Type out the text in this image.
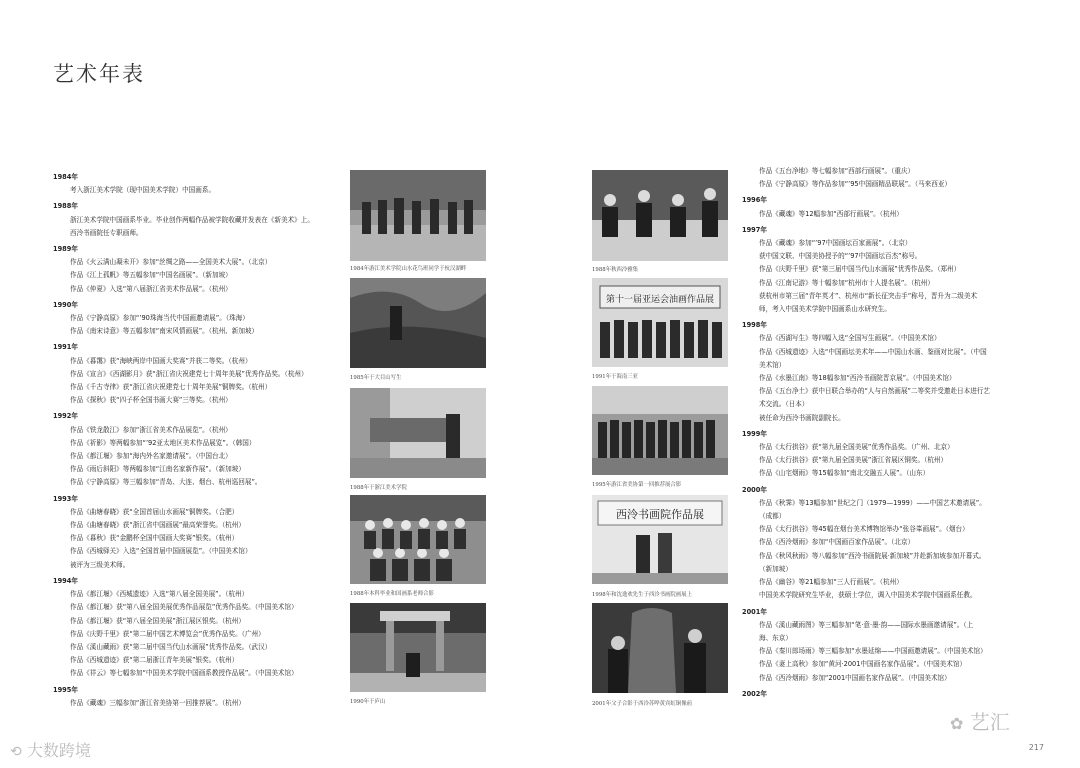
艺术年表
1984年
考入浙江美术学院（现中国美术学院）中国画系。
1988年
浙江美术学院中国画系毕业。毕业创作两幅作品被学院收藏并发表在《新美术》上。
西泠书画院任专职画师。
1989年
作品《火云满山凝未开》参加“丝绸之路——全国美术大展”。（北京）
作品《江上孤帆》等五幅参加“中国名画展”。（新加坡）
作品《仲夏》入选“第八届浙江省美术作品展”。（杭州）
1990年
作品《宁静高原》参加“’90珠海当代中国画邀请展”。（珠海）
作品《南宋诗意》等五幅参加“南宋风情画展”。（杭州、新加坡）
1991年
作品《暮霭》获“海峡两岸中国画大奖赛”并获二等奖。（杭州）
作品《宣言》《西湖影月》获“浙江省庆祝建党七十周年美展”优秀作品奖。（杭州）
作品《千古寺律》获“浙江省庆祝建党七十周年美展”铜牌奖。（杭州）
作品《探秋》获“四子杯全国书画大赛”三等奖。（杭州）
1992年
作品《铁龙散江》参加“浙江省美术作品展览”。（杭州）
作品《祈影》等两幅参加“’92亚太地区美术作品展览”。（韩国）
作品《都江堰》参加“海内外名家邀请展”。（中国台北）
作品《雨后斜阳》等两幅参加“江南名家新作展”。（新加坡）
作品《宁静高原》等三幅参加“青岛、大连、烟台、杭州巡回展”。
1993年
作品《曲塘春晓》获“全国首届山水画展”铜牌奖。（合肥）
作品《曲塘春晓》获“浙江省中国画展”最高荣誉奖。（杭州）
作品《暮秋》获“金鹏杯全国中国画大奖赛”银奖。（杭州）
作品《西城驿关》入选“全国首届中国画展览”。（中国美术馆）
被评为三级美术师。
1994年
作品《都江堰》《西城遗迹》入选“第八届全国美展”。（杭州）
作品《都江堰》获“第八届全国美展优秀作品展览”优秀作品奖。（中国美术馆）
作品《都江堰》获“第八届全国美展”浙江展区银奖。（杭州）
作品《庆野千里》获“第二届中国艺术博览会”优秀作品奖。（广州）
作品《溪山藏雨》获“第二届中国当代山水画展”优秀作品奖。（武汉）
作品《西城遗迹》获“第二届浙江青年美展”银奖。（杭州）
作品《祥云》等七幅参加“中国美术学院中国画系教授作品展”。（中国美术馆）
1995年
作品《藏魂》三幅参加“浙江省美协第一回推荐展”。（杭州）
作品《五台净地》等七幅参加“西部行画展”。（重庆）
作品《宁静高原》等作品参加“’95中国画精品联展”。（马来西亚）
1996年
作品《藏魂》等12幅参加“西部行画展”。（杭州）
1997年
作品《藏魂》参加“’97中国画坛百家画展”。（北京）
获中国文联、中国美协授予的“’97中国画坛百杰”称号。
作品《庆野千里》获“第三届中国当代山水画展”优秀作品奖。（郑州）
作品《江南记游》等十幅参加“杭州市十人提名展”。（杭州）
获杭州市第三届“青年英才”、杭州市“新长征突击手”称号，晋升为二级美术
师，考入中国美术学院中国画系山水研究生。
1998年
作品《西湖写生》等四幅入选“全国写生画展”。（中国美术馆）
作品《西城遗迹》入选“中国画坛美术年——中国山水画、鉴画对比展”。（中国
美术馆）
作品《水墨江南》等18幅参加“西泠书画院晋京展”。（中国美术馆）
作品《五台净土》获中日联合举办的“人与自然画展”二等奖并受邀赴日本进行艺
术交流。（日本）
被任命为西泠书画院副院长。
1999年
作品《太行拱谷》获“第九届全国美展”优秀作品奖。（广州、北京）
作品《太行拱谷》获“第九届全国美展”浙江省展区铜奖。（杭州）
作品《山宅烟雨》等15幅参加“南北交融五人展”。（山东）
2000年
作品《秋霁》等13幅参加“世纪之门（1979—1999）——中国艺术邀请展”。
（成都）
作品《太行拱谷》等45幅在烟台美术博物馆举办“张谷峯画展”。（烟台）
作品《西泠烟雨》参加“中国画百家作品展”。（北京）
作品《秋风秋雨》等八幅参加“西泠书画院展·新加坡”并赴新加坡参加开幕式。
（新加坡）
作品《幽谷》等21幅参加“三人行画展”。（杭州）
中国美术学院研究生毕业，获硕士学位，调入中国美术学院中国画系任教。
2001年
作品《溪山藏雨图》等三幅参加“笔·意·墨·韵——国际水墨画邀请展”。（上
海、东京）
作品《秦川郎场雨》等三幅参加“水墨延绵——中国画邀请展”。（中国美术馆）
作品《妻上高秋》参加“黄河·2001中国画名家作品展”。（中国美术馆）
作品《西泠烟雨》参加“2001中国画名家作品展”。（中国美术馆）
2002年
1984年游江美术学院山水花鸟班同学于杭汉湖畔
1985年于大目山写生
1988年于浙江美术学院
1988年本科毕业和国画系老师合影
1990年于庐山
1988年秋西泠雅集
第十一届亚运会油画作品展
1991年于海南三亚
1995年游江省美协第一回推荐展合影
西泠书画院作品展
1998年和沈逸欢先生于西泠书画院画展上
2001年父子合影于西泠苏哗黄宾虹铜像前
217
✿ 艺汇
⟲ 大数跨境
